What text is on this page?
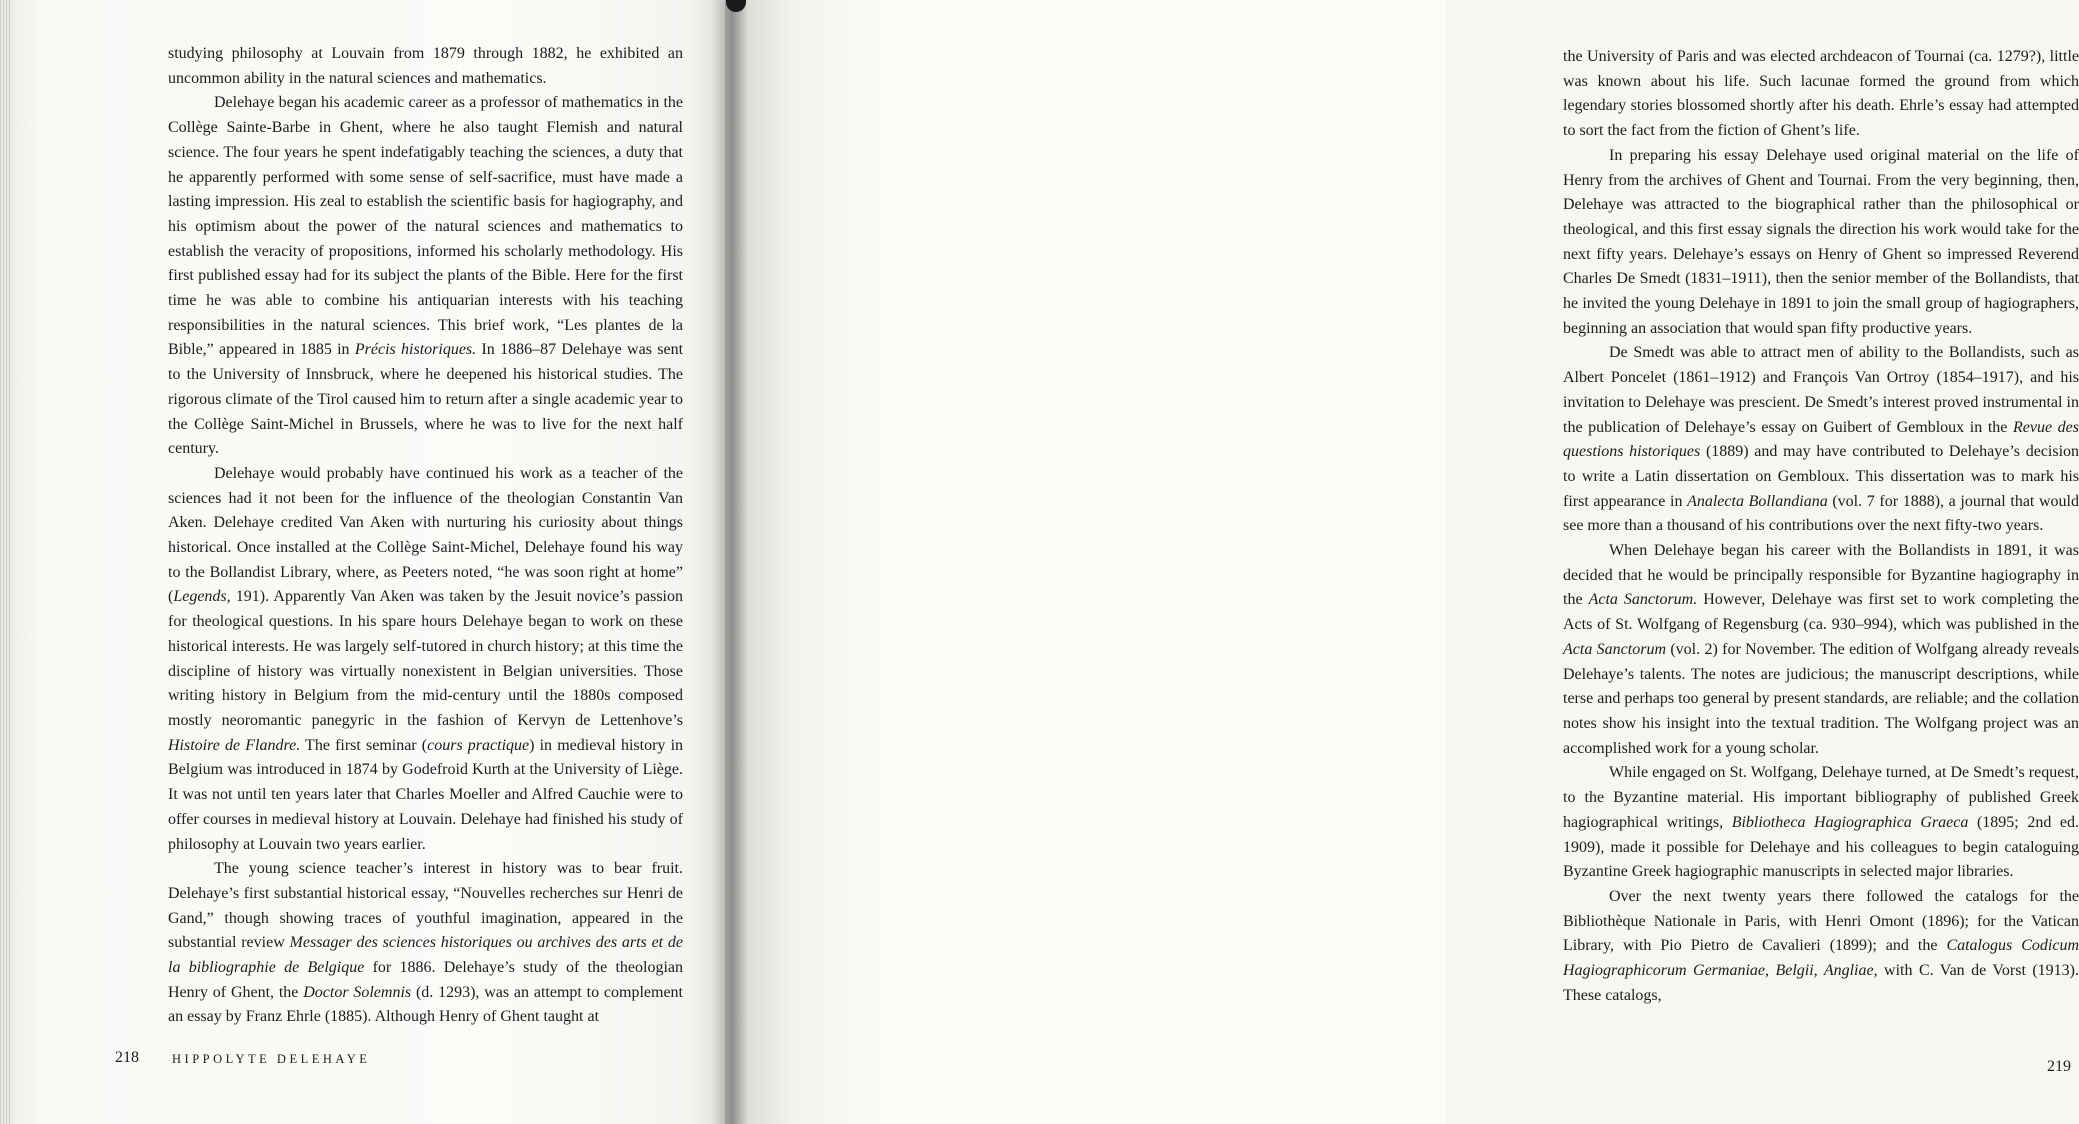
studying philosophy at Louvain from 1879 through 1882, he exhibited an uncommon ability in the natural sciences and mathematics.

Delehaye began his academic career as a professor of mathematics in the Collège Sainte-Barbe in Ghent, where he also taught Flemish and natural science. The four years he spent indefatigably teaching the sciences, a duty that he apparently performed with some sense of self-sacrifice, must have made a lasting impression. His zeal to establish the scientific basis for hagiography, and his optimism about the power of the natural sciences and mathematics to establish the veracity of propositions, informed his scholarly methodology. His first published essay had for its subject the plants of the Bible. Here for the first time he was able to combine his antiquarian interests with his teaching responsibilities in the natural sciences. This brief work, “Les plantes de la Bible,” appeared in 1885 in Précis historiques. In 1886–87 Delehaye was sent to the University of Innsbruck, where he deepened his historical studies. The rigorous climate of the Tirol caused him to return after a single academic year to the Collège Saint-Michel in Brussels, where he was to live for the next half century.

Delehaye would probably have continued his work as a teacher of the sciences had it not been for the influence of the theologian Constantin Van Aken. Delehaye credited Van Aken with nurturing his curiosity about things historical. Once installed at the Collège Saint-Michel, Delehaye found his way to the Bollandist Library, where, as Peeters noted, “he was soon right at home” (Legends, 191). Apparently Van Aken was taken by the Jesuit novice’s passion for theological questions. In his spare hours Delehaye began to work on these historical interests. He was largely self-tutored in church history; at this time the discipline of history was virtually nonexistent in Belgian universities. Those writing history in Belgium from the mid-century until the 1880s composed mostly neoromantic panegyric in the fashion of Kervyn de Lettenhove’s Histoire de Flandre. The first seminar (cours practique) in medieval history in Belgium was introduced in 1874 by Godefroid Kurth at the University of Liège. It was not until ten years later that Charles Moeller and Alfred Cauchie were to offer courses in medieval history at Louvain. Delehaye had finished his study of philosophy at Louvain two years earlier.

The young science teacher’s interest in history was to bear fruit. Delehaye’s first substantial historical essay, “Nouvelles recherches sur Henri de Gand,” though showing traces of youthful imagination, appeared in the substantial review Messager des sciences historiques ou archives des arts et de la bibliographie de Belgique for 1886. Delehaye’s study of the theologian Henry of Ghent, the Doctor Solemnis (d. 1293), was an attempt to complement an essay by Franz Ehrle (1885). Although Henry of Ghent taught at

218	HIPPOLYTE DELEHAYE

the University of Paris and was elected archdeacon of Tournai (ca. 1279?), little was known about his life. Such lacunae formed the ground from which legendary stories blossomed shortly after his death. Ehrle’s essay had attempted to sort the fact from the fiction of Ghent’s life.

In preparing his essay Delehaye used original material on the life of Henry from the archives of Ghent and Tournai. From the very beginning, then, Delehaye was attracted to the biographical rather than the philosophical or theological, and this first essay signals the direction his work would take for the next fifty years. Delehaye’s essays on Henry of Ghent so impressed Reverend Charles De Smedt (1831–1911), then the senior member of the Bollandists, that he invited the young Delehaye in 1891 to join the small group of hagiographers, beginning an association that would span fifty productive years.

De Smedt was able to attract men of ability to the Bollandists, such as Albert Poncelet (1861–1912) and François Van Ortroy (1854–1917), and his invitation to Delehaye was prescient. De Smedt’s interest proved instrumental in the publication of Delehaye’s essay on Guibert of Gembloux in the Revue des questions historiques (1889) and may have contributed to Delehaye’s decision to write a Latin dissertation on Gembloux. This dissertation was to mark his first appearance in Analecta Bollandiana (vol. 7 for 1888), a journal that would see more than a thousand of his contributions over the next fifty-two years.

When Delehaye began his career with the Bollandists in 1891, it was decided that he would be principally responsible for Byzantine hagiography in the Acta Sanctorum. However, Delehaye was first set to work completing the Acts of St. Wolfgang of Regensburg (ca. 930–994), which was published in the Acta Sanctorum (vol. 2) for November. The edition of Wolfgang already reveals Delehaye’s talents. The notes are judicious; the manuscript descriptions, while terse and perhaps too general by present standards, are reliable; and the collation notes show his insight into the textual tradition. The Wolfgang project was an accomplished work for a young scholar.

While engaged on St. Wolfgang, Delehaye turned, at De Smedt’s request, to the Byzantine material. His important bibliography of published Greek hagiographical writings, Bibliotheca Hagiographica Graeca (1895; 2nd ed. 1909), made it possible for Delehaye and his colleagues to begin cataloguing Byzantine Greek hagiographic manuscripts in selected major libraries.

Over the next twenty years there followed the catalogs for the Bibliothèque Nationale in Paris, with Henri Omont (1896); for the Vatican Library, with Pio Pietro de Cavalieri (1899); and the Catalogus Codicum Hagiographicorum Germaniae, Belgii, Angliae, with C. Van de Vorst (1913). These catalogs,

219
